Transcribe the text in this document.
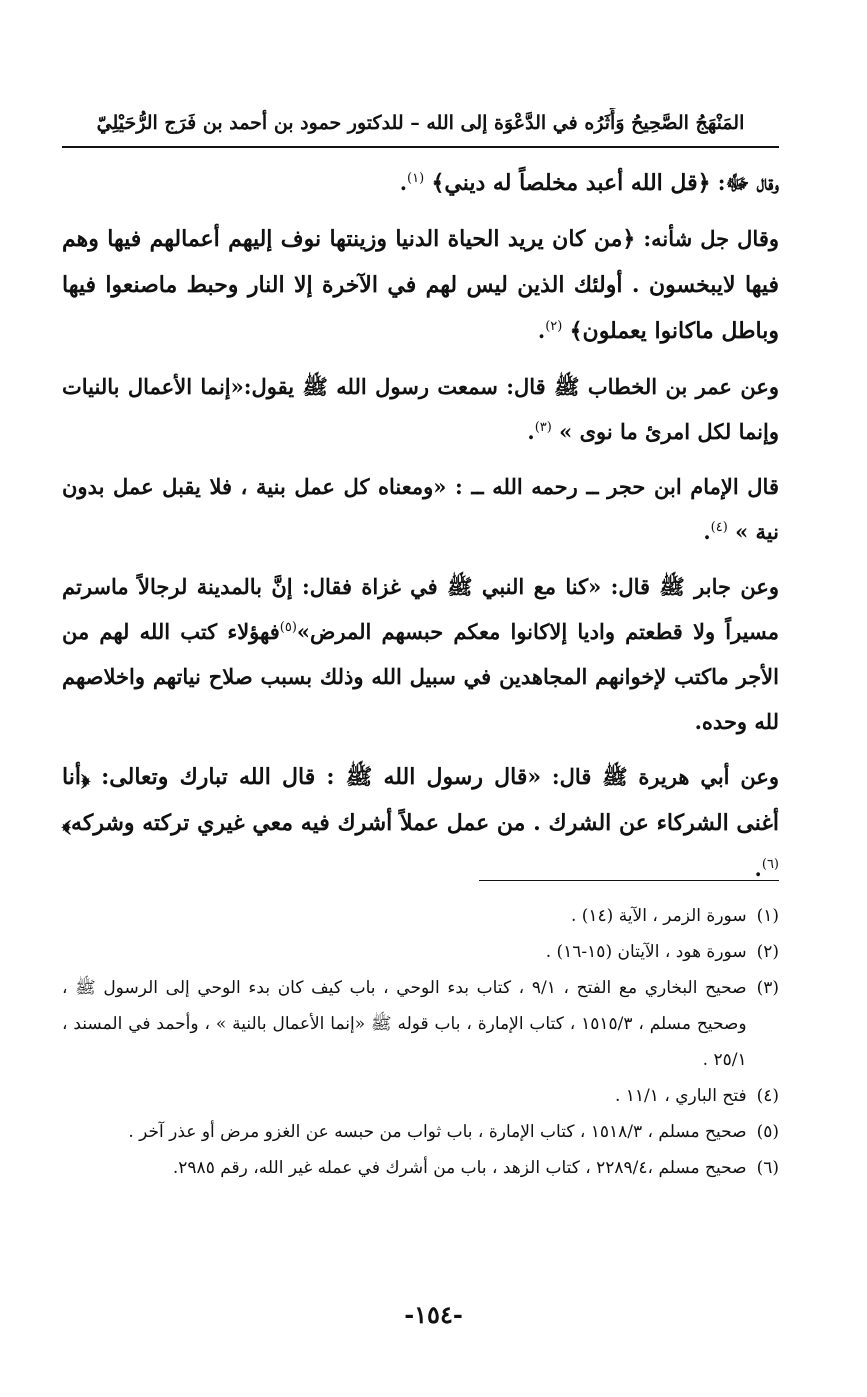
المَنْهَجُ الصَّحِيحُ وَأَثَرُه في الدَّعْوَة إلى الله – للدكتور حمود بن أحمد بن فَرَج الرُّحَيْلِيّ

وقال ﷻ: ﴿قل الله أعبد مخلصاً له ديني﴾ $^{(١)}$.

وقال جل شأنه: ﴿من كان يريد الحياة الدنيا وزينتها نوف إليهم أعمالهم فيها وهم فيها لايبخسون . أولئك الذين ليس لهم في الآخرة إلا النار وحبط ماصنعوا فيها وباطل ماكانوا يعملون﴾ $^{(٢)}$.

وعن عمر بن الخطاب ﷺ قال: سمعت رسول الله ﷺ يقول:«إنما الأعمال بالنيات وإنما لكل امرئ ما نوى » $^{(٣)}$.

قال الإمام ابن حجر ــ رحمه الله ــ : «ومعناه كل عمل بنية ، فلا يقبل عمل بدون نية » $^{(٤)}$.

وعن جابر ﷺ قال: «كنا مع النبي ﷺ في غزاة فقال: إنَّ بالمدينة لرجالاً ماسرتم مسيراً ولا قطعتم واديا إلاكانوا معكم حبسهم المرض»$^{(٥)}$فهؤلاء كتب الله لهم من الأجر ماكتب لإخوانهم المجاهدين في سبيل الله وذلك بسبب صلاح نياتهم واخلاصهم لله وحده.

وعن أبي هريرة ﷺ قال: «قال رسول الله ﷺ : قال الله تبارك وتعالى: ﴿أنا أغنى الشركاء عن الشرك . من عمل عملاً أشرك فيه معي غيري تركته وشركه﴾ $^{(٦)}$.

(١)
سورة الزمر ، الآية (١٤) .

(٢)
سورة هود ، الآيتان (١٥-١٦) .

(٣)
صحيح البخاري مع الفتح ، ٩/١ ، كتاب بدء الوحي ، باب كيف كان بدء الوحي إلى الرسول ﷺ ، وصحيح مسلم ، ١٥١٥/٣ ، كتاب الإمارة ، باب قوله ﷺ «إنما الأعمال بالنية » ، وأحمد في المسند ، ٢٥/١ .

(٤)
فتح الباري ، ١١/١ .

(٥)
صحيح مسلم ، ١٥١٨/٣ ، كتاب الإمارة ، باب ثواب من حبسه عن الغزو مرض أو عذر آخر .

(٦)
صحيح مسلم ،٢٢٨٩/٤ ، كتاب الزهد ، باب من أشرك في عمله غير الله، رقم ٢٩٨٥.

-١٥٤-
